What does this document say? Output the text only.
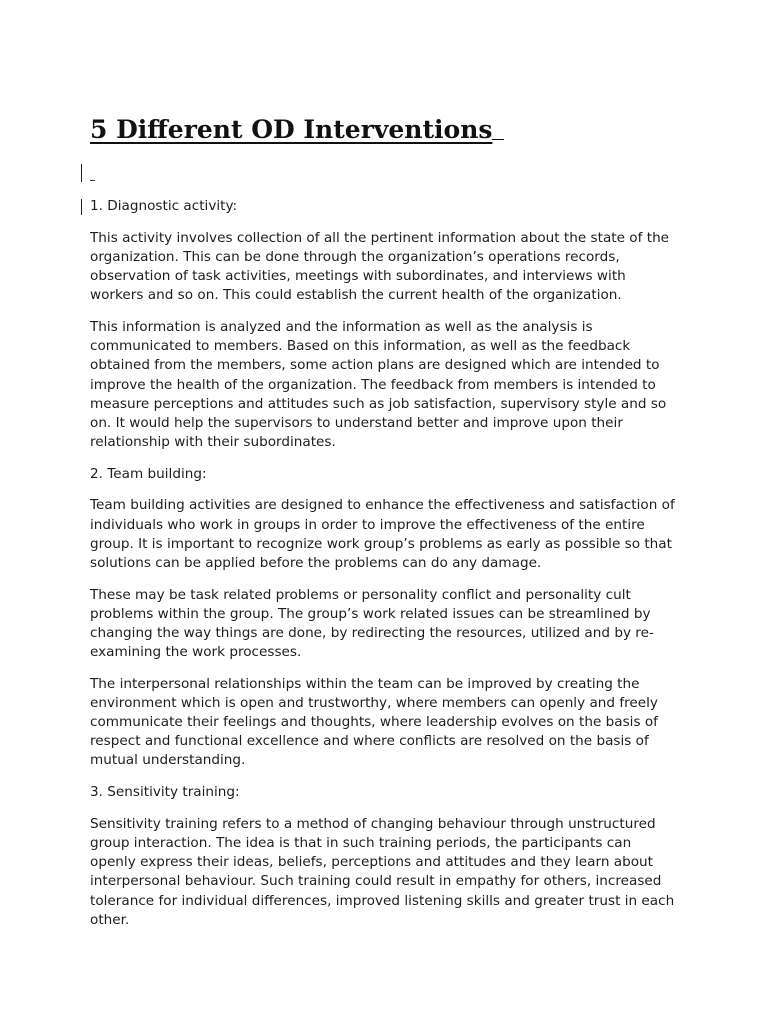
5 Different OD Interventions

1. Diagnostic activity:

This activity involves collection of all the pertinent information about the state of the organization. This can be done through the organization’s operations records, observation of task activities, meetings with subordinates, and interviews with workers and so on. This could establish the current health of the organization.

This information is analyzed and the information as well as the analysis is communicated to members. Based on this information, as well as the feedback obtained from the members, some action plans are designed which are intended to improve the health of the organization. The feedback from members is intended to measure perceptions and attitudes such as job satisfaction, supervisory style and so on. It would help the supervisors to understand better and improve upon their relationship with their subordinates.

2. Team building:

Team building activities are designed to enhance the effectiveness and satisfaction of individuals who work in groups in order to improve the effectiveness of the entire group. It is important to recognize work group’s problems as early as possible so that solutions can be applied before the problems can do any damage.

These may be task related problems or personality conflict and personality cult problems within the group. The group’s work related issues can be streamlined by changing the way things are done, by redirecting the resources, utilized and by re-examining the work processes.

The interpersonal relationships within the team can be improved by creating the environment which is open and trustworthy, where members can openly and freely communicate their feelings and thoughts, where leadership evolves on the basis of respect and functional excellence and where conflicts are resolved on the basis of mutual understanding.

3. Sensitivity training:

Sensitivity training refers to a method of changing behaviour through unstructured group interaction. The idea is that in such training periods, the participants can openly express their ideas, beliefs, perceptions and attitudes and they learn about interpersonal behaviour. Such training could result in empathy for others, increased tolerance for individual differences, improved listening skills and greater trust in each other.
